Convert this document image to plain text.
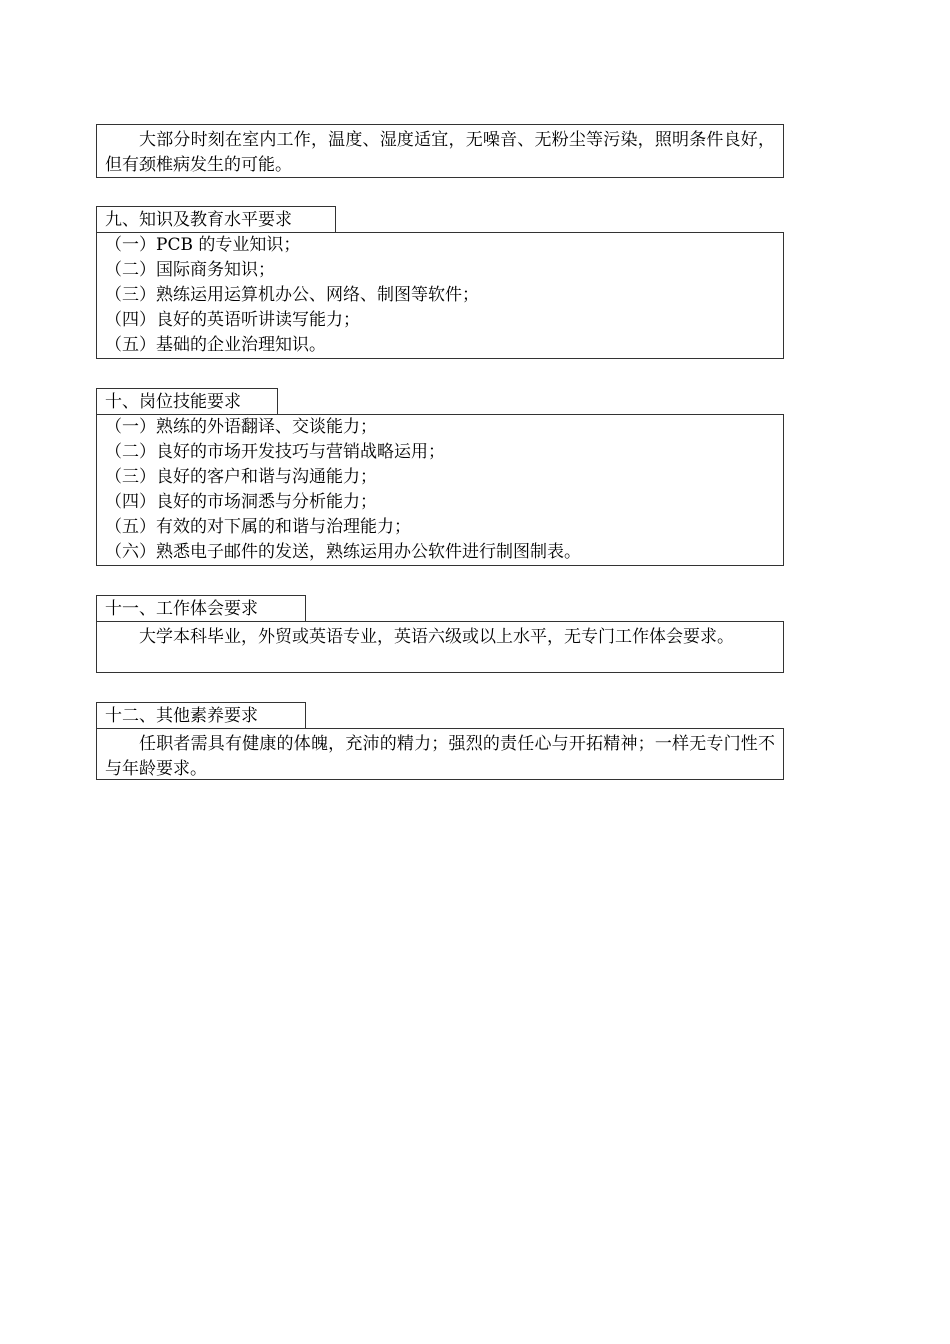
大部分时刻在室内工作，温度、湿度适宜，无噪音、无粉尘等污染，照明条件良好，但有颈椎病发生的可能。

九、知识及教育水平要求
（一）PCB 的专业知识；
（二）国际商务知识；
（三）熟练运用运算机办公、网络、制图等软件；
（四）良好的英语听讲读写能力；
（五）基础的企业治理知识。
十、岗位技能要求
（一）熟练的外语翻译、交谈能力；
（二）良好的市场开发技巧与营销战略运用；
（三）良好的客户和谐与沟通能力；
（四）良好的市场洞悉与分析能力；
（五）有效的对下属的和谐与治理能力；
（六）熟悉电子邮件的发送，熟练运用办公软件进行制图制表。
十一、工作体会要求

大学本科毕业，外贸或英语专业，英语六级或以上水平，无专门工作体会要求。

十二、其他素养要求

任职者需具有健康的体魄，充沛的精力；强烈的责任心与开拓精神；一样无专门性不与年龄要求。
